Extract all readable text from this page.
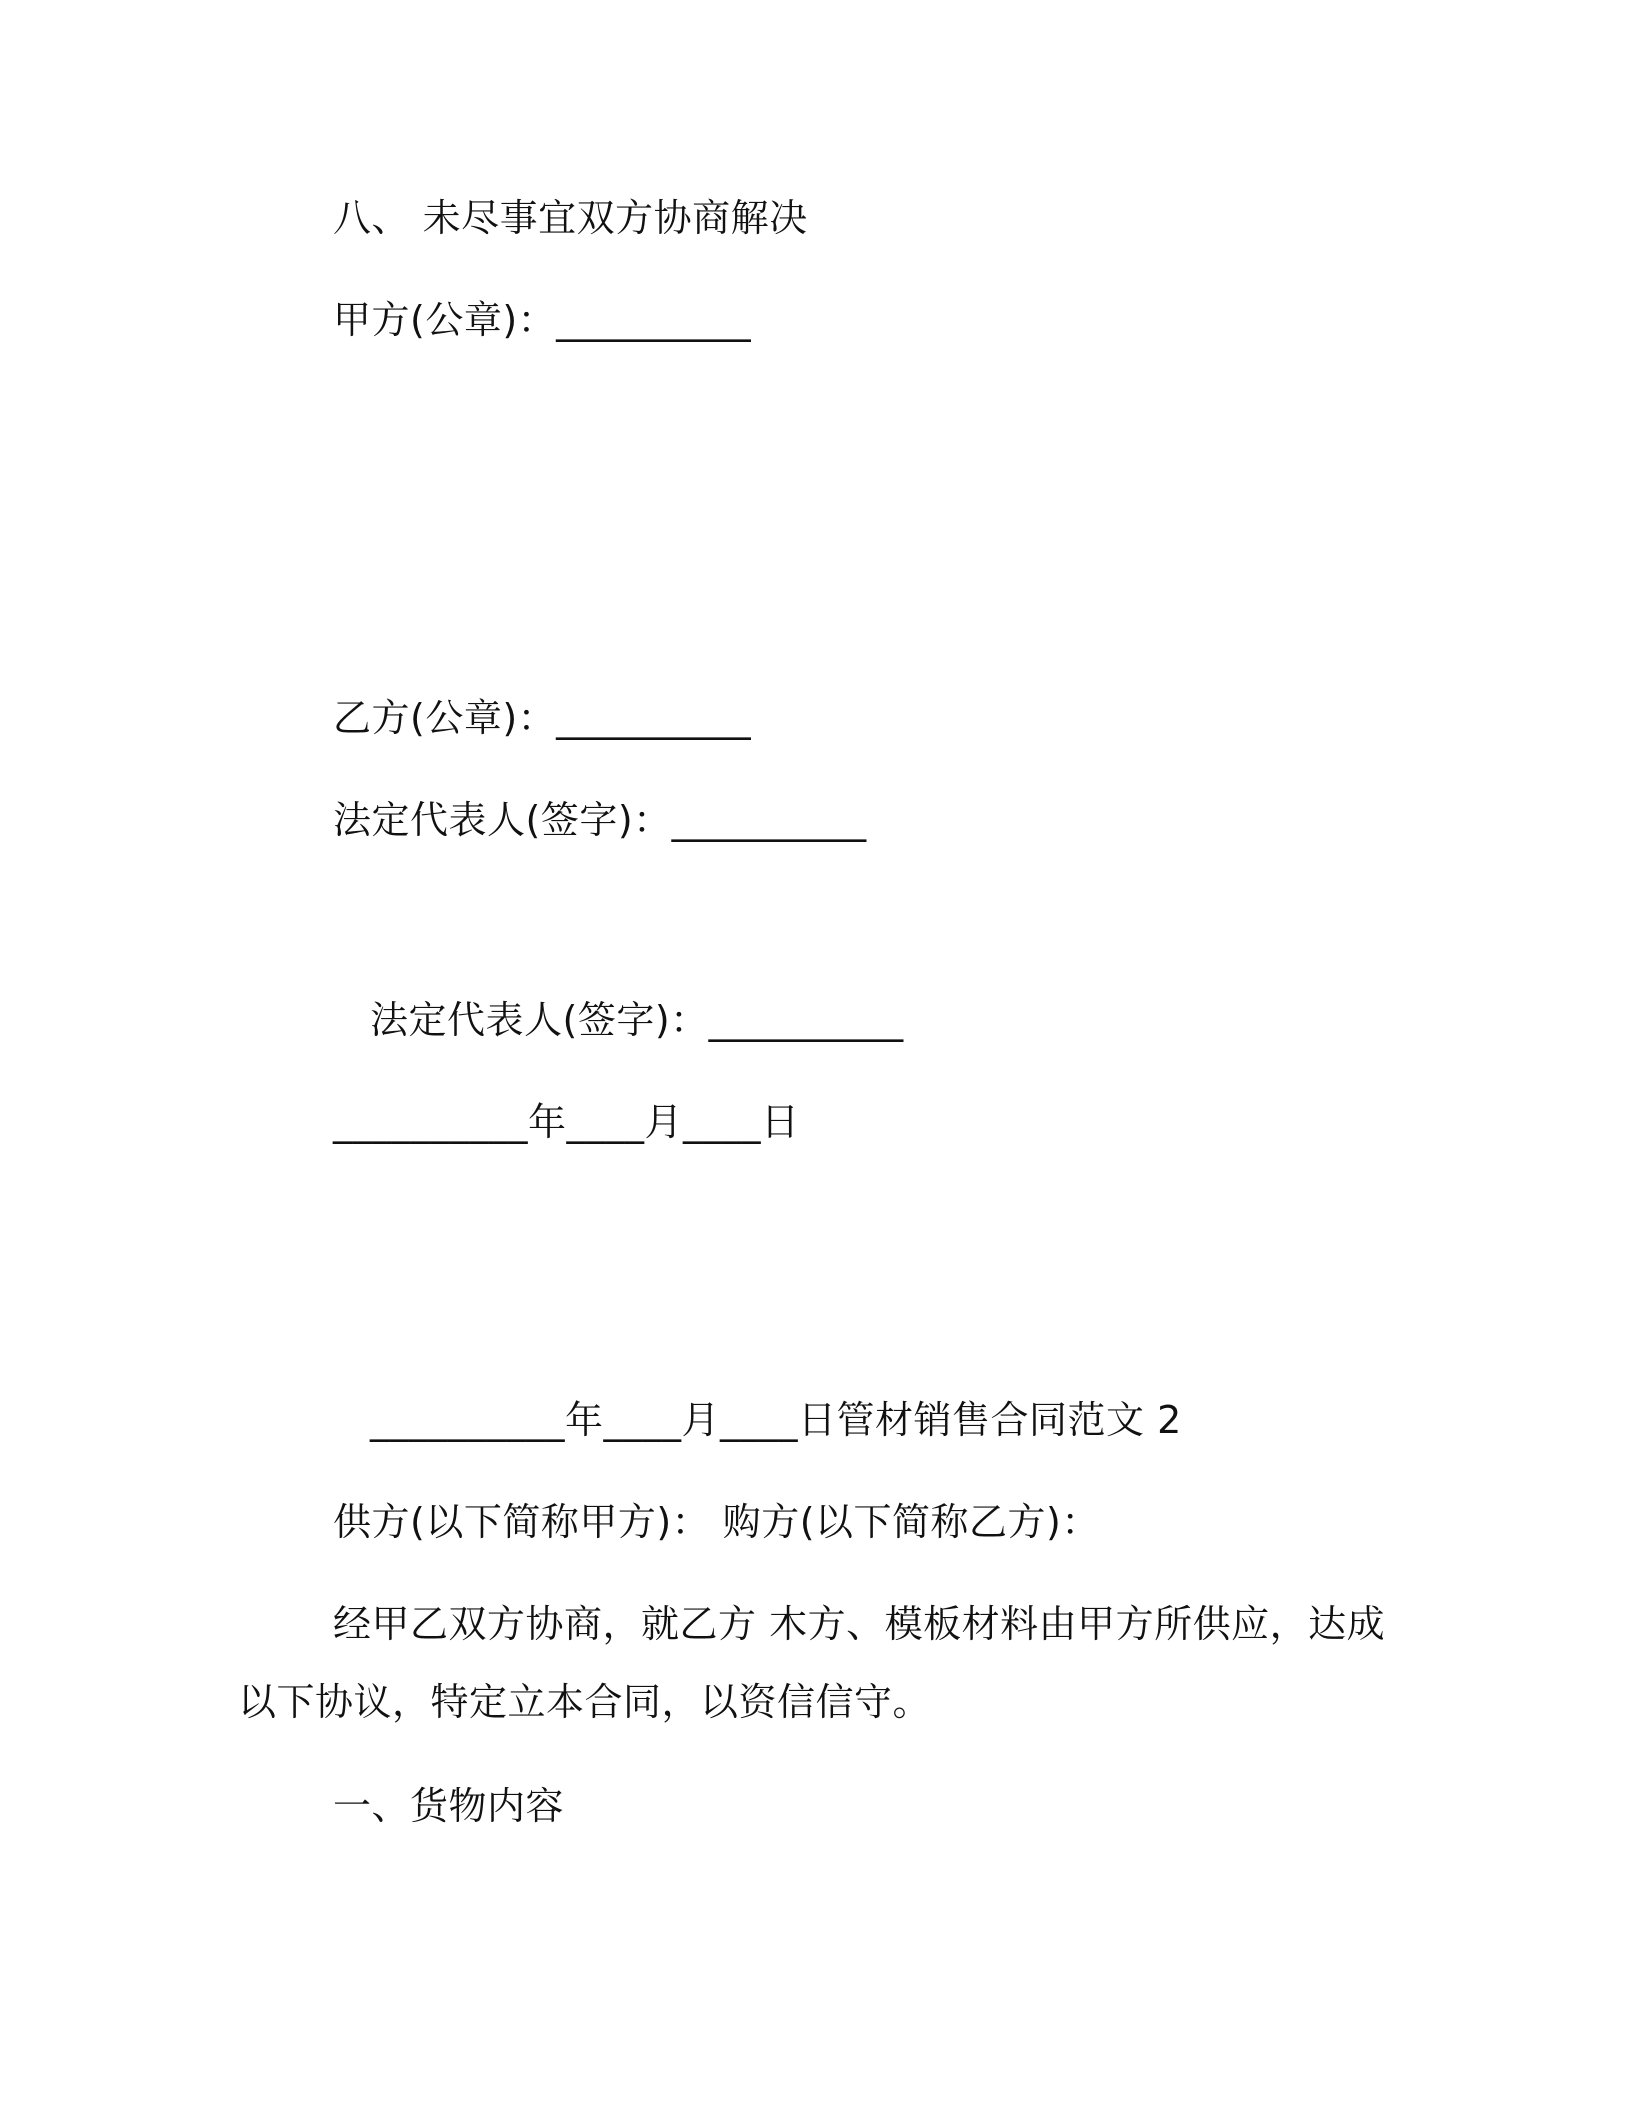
八、 未尽事宜双方协商解决
甲方(公章)：__________
乙方(公章)：__________
法定代表人(签字)：__________
法定代表人(签字)：__________
__________年____月____日
__________年____月____日管材销售合同范文 2
供方(以下简称甲方)： 购方(以下简称乙方)：
经甲乙双方协商，就乙方 木方、模板材料由甲方所供应，达成以下协议，特定立本合同，以资信信守。
一、货物内容
